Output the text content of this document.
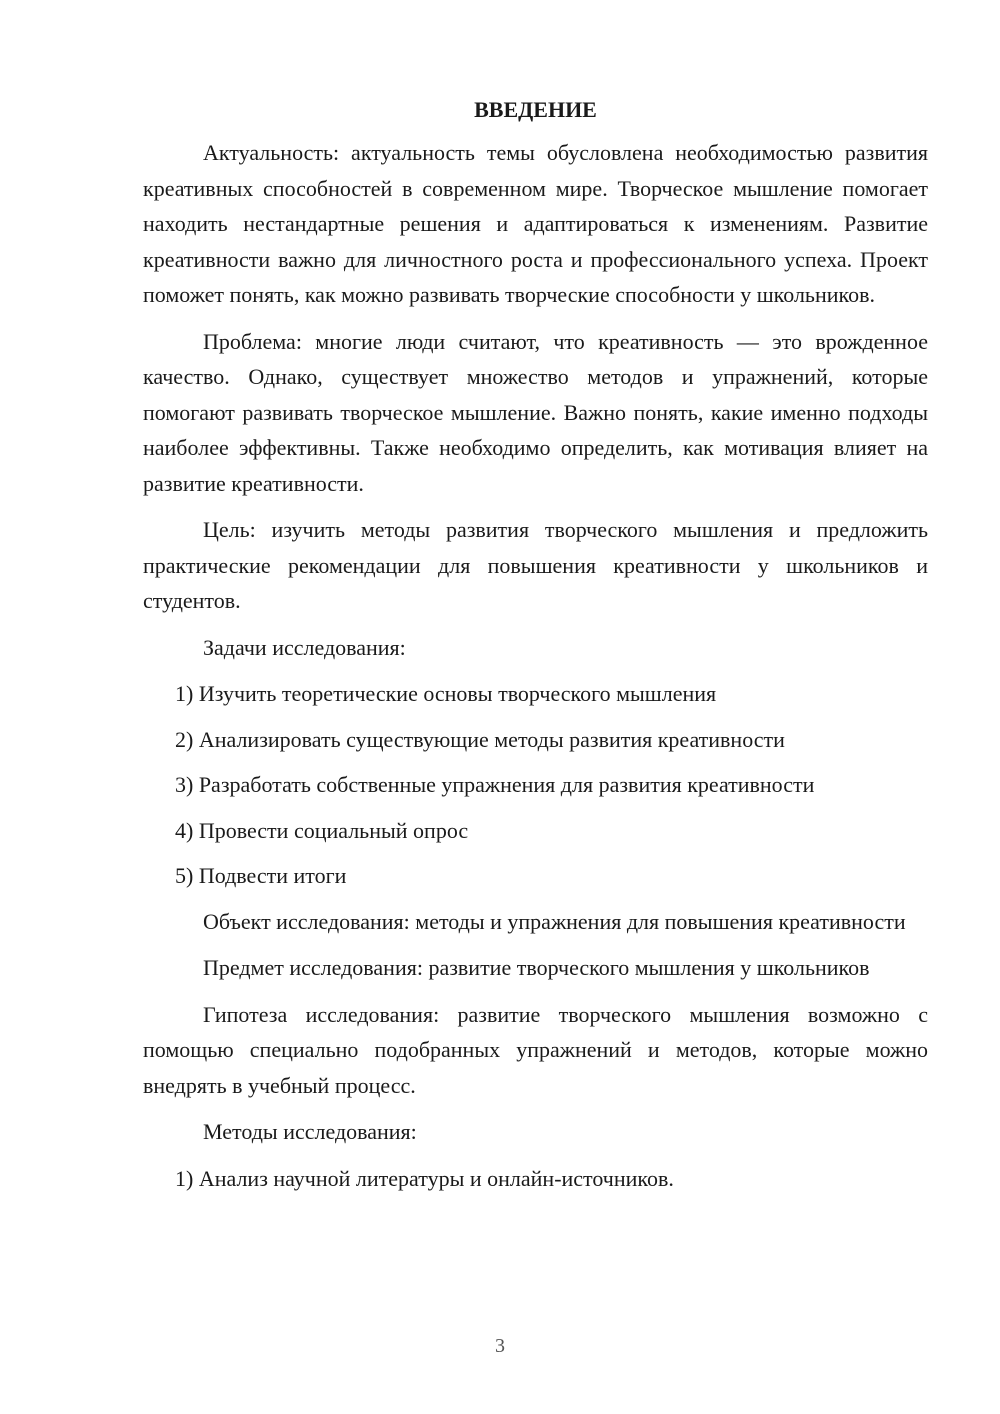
ВВЕДЕНИЕ

Актуальность: актуальность темы обусловлена необходимостью развития креативных способностей в современном мире. Творческое мышление помогает находить нестандартные решения и адаптироваться к изменениям. Развитие креативности важно для личностного роста и профессионального успеха. Проект поможет понять, как можно развивать творческие способности у школьников.

Проблема: многие люди считают, что креативность — это врожденное качество. Однако, существует множество методов и упражнений, которые помогают развивать творческое мышление. Важно понять, какие именно подходы наиболее эффективны. Также необходимо определить, как мотивация влияет на развитие креативности.

Цель: изучить методы развития творческого мышления и предложить практические рекомендации для повышения креативности у школьников и студентов.

Задачи исследования:

1) Изучить теоретические основы творческого мышления

2) Анализировать существующие методы развития креативности

3) Разработать собственные упражнения для развития креативности

4) Провести социальный опрос

5) Подвести итоги

Объект исследования: методы и упражнения для повышения креативности

Предмет исследования: развитие творческого мышления у школьников

Гипотеза исследования: развитие творческого мышления возможно с помощью специально подобранных упражнений и методов, которые можно внедрять в учебный процесс.

Методы исследования:

1) Анализ научной литературы и онлайн-источников.

3
